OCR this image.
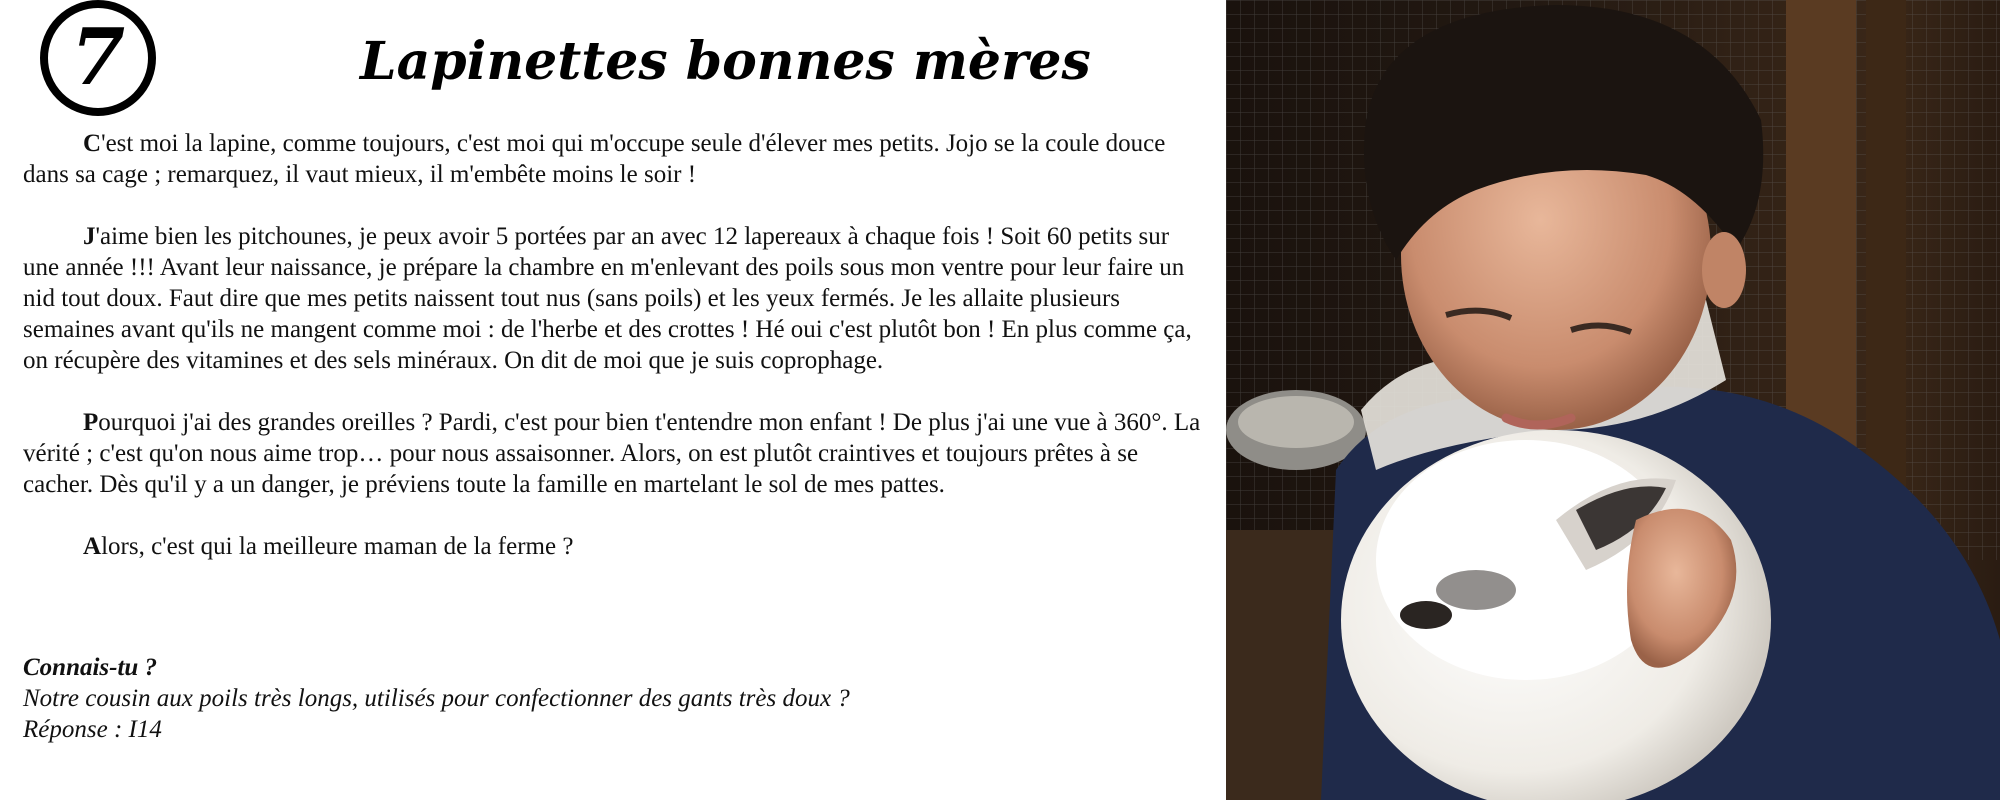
7	Lapinettes bonnes mères

C'est moi la lapine, comme toujours, c'est moi qui m'occupe seule d'élever mes petits. Jojo se la coule douce dans sa cage ; remarquez, il vaut mieux, il m'embête moins le soir !

J'aime bien les pitchounes, je peux avoir 5 portées par an avec 12 lapereaux à chaque fois ! Soit 60 petits sur une année !!! Avant leur naissance, je prépare la chambre en m'enlevant des poils sous mon ventre pour leur faire un nid tout doux. Faut dire que mes petits naissent tout nus (sans poils) et les yeux fermés. Je les allaite plusieurs semaines avant qu'ils ne mangent comme moi : de l'herbe et des crottes ! Hé oui c'est plutôt bon ! En plus comme ça, on récupère des vitamines et des sels minéraux. On dit de moi que je suis coprophage.

Pourquoi j'ai des grandes oreilles ? Pardi, c'est pour bien t'entendre mon enfant ! De plus j'ai une vue à 360°. La vérité ; c'est qu'on nous aime trop… pour nous assaisonner. Alors, on est plutôt craintives et toujours prêtes à se cacher. Dès qu'il y a un danger, je préviens toute la famille en martelant le sol de mes pattes.

Alors, c'est qui la meilleure maman de la ferme ?

Connais-tu ?
Notre cousin aux poils très longs, utilisés pour confectionner des gants très doux ?
Réponse : I14
